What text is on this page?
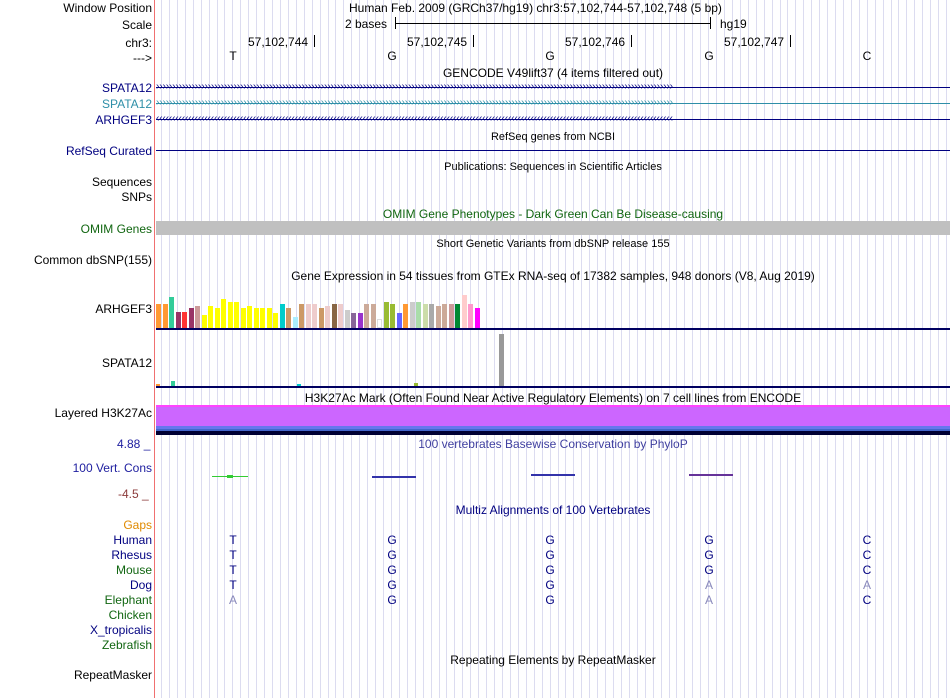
Window Position	Human Feb. 2009 (GRCh37/hg19) chr3:57,102,744-57,102,748 (5 bp)
Scale	2 bases	hg19
chr3:	57,102,744	57,102,745	57,102,746	57,102,747
--->	T	G	G	G	C
GENCODE V49lift37 (4 items filtered out)
SPATA12 ››››››››››››››››››››››››››››››››››››››››››››››››››››››››››››››››››››››››››››››››››››››››››››››››››››››››››››››››››››››››››››››››››››››››››››››››››››››››››››››››
SPATA12 ››››››››››››››››››››››››››››››››››››››››››››››››››››››››››››››››››››››››››››››››››››››››››››››››››››››››››››››››››››››››››››››››››››››››››››››››››››››››››››››››
ARHGEF3 ‹‹‹‹‹‹‹‹‹‹‹‹‹‹‹‹‹‹‹‹‹‹‹‹‹‹‹‹‹‹‹‹‹‹‹‹‹‹‹‹‹‹‹‹‹‹‹‹‹‹‹‹‹‹‹‹‹‹‹‹‹‹‹‹‹‹‹‹‹‹‹‹‹‹‹‹‹‹‹‹‹‹‹‹‹‹‹‹‹‹‹‹‹‹‹‹‹‹‹‹‹‹‹‹‹‹‹‹‹‹‹‹‹‹‹‹‹‹‹‹‹‹‹‹‹‹‹‹‹‹‹‹‹‹‹‹‹‹‹‹‹‹‹‹‹‹‹‹‹‹‹‹‹‹‹‹‹‹‹‹
RefSeq genes from NCBI
RefSeq Curated
Publications: Sequences in Scientific Articles
Sequences
SNPs
OMIM Gene Phenotypes - Dark Green Can Be Disease-causing
OMIM Genes
Short Genetic Variants from dbSNP release 155
Common dbSNP(155)
Gene Expression in 54 tissues from GTEx RNA-seq of 17382 samples, 948 donors (V8, Aug 2019)
ARHGEF3
SPATA12
H3K27Ac Mark (Often Found Near Active Regulatory Elements) on 7 cell lines from ENCODE
Layered H3K27Ac
4.88 _	100 vertebrates Basewise Conservation by PhyloP
100 Vert. Cons
-4.5 _
Multiz Alignments of 100 Vertebrates
Gaps
Human	T	G	G	G	C
Rhesus	T	G	G	G	C
Mouse	T	G	G	G	C
Dog	T	G	G	A	A
Elephant	A	G	G	A	C
Chicken
X_tropicalis
Zebrafish
Repeating Elements by RepeatMasker
RepeatMasker
